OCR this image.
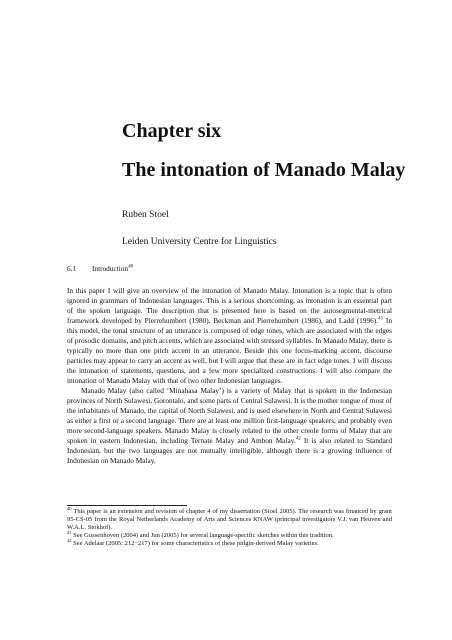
Chapter six
The intonation of Manado Malay
Ruben Stoel
Leiden University Centre for Linguistics
6.1 Introduction$^{40}$

In this paper I will give an overview of the intonation of Manado Malay. Intonation is a topic that is often ignored in grammars of Indonesian languages. This is a serious shortcoming, as intonation is an essential part of the spoken language. The description that is presented here is based on the autosegmental-metrical framework developed by Pierrehumbert (1980), Beckman and Pierrehumbert (1986), and Ladd (1996).$^{41}$ In this model, the tonal structure of an utterance is composed of edge tones, which are associated with the edges of prosodic domains, and pitch accents, which are associated with stressed syllables. In Manado Malay, there is typically no more than one pitch accent in an utterance. Beside this one focus-marking accent, discourse particles may appear to carry an accent as well, but I will argue that these are in fact edge tones. I will discuss the intonation of statements, questions, and a few more specialized constructions. I will also compare the intonation of Manado Malay with that of two other Indonesian languages.

Manado Malay (also called ‘Minahasa Malay’) is a variety of Malay that is spoken in the Indonesian provinces of North Sulawesi, Gorontalo, and some parts of Central Sulawesi. It is the mother tongue of most of the inhabitants of Manado, the capital of North Sulawesi, and is used elsewhere in North and Central Sulawesi as either a first or a second language. There are at least one million first-language speakers, and probably even more second-language speakers. Manado Malay is closely related to the other creole forms of Malay that are spoken in eastern Indonesian, including Ternate Malay and Ambon Malay.$^{42}$ It is also related to Standard Indonesian, but the two languages are not mutually intelligible, although there is a growing influence of Indonesian on Manado Malay.

$^{40}$ This paper is an extension and revision of chapter 4 of my dissertation (Stoel 2005). The research was financed by grant 95-CS-05 from the Royal Netherlands Academy of Arts and Sciences KNAW (principal investigators V.J. van Heuven and W.A.L. Stokhof).

$^{41}$ See Gussenhoven (2004) and Jun (2005) for several language-specific sketches within this tradition.

$^{42}$ See Adelaar (2005: 212−217) for some characteristics of these pidgin-derived Malay varieties.
